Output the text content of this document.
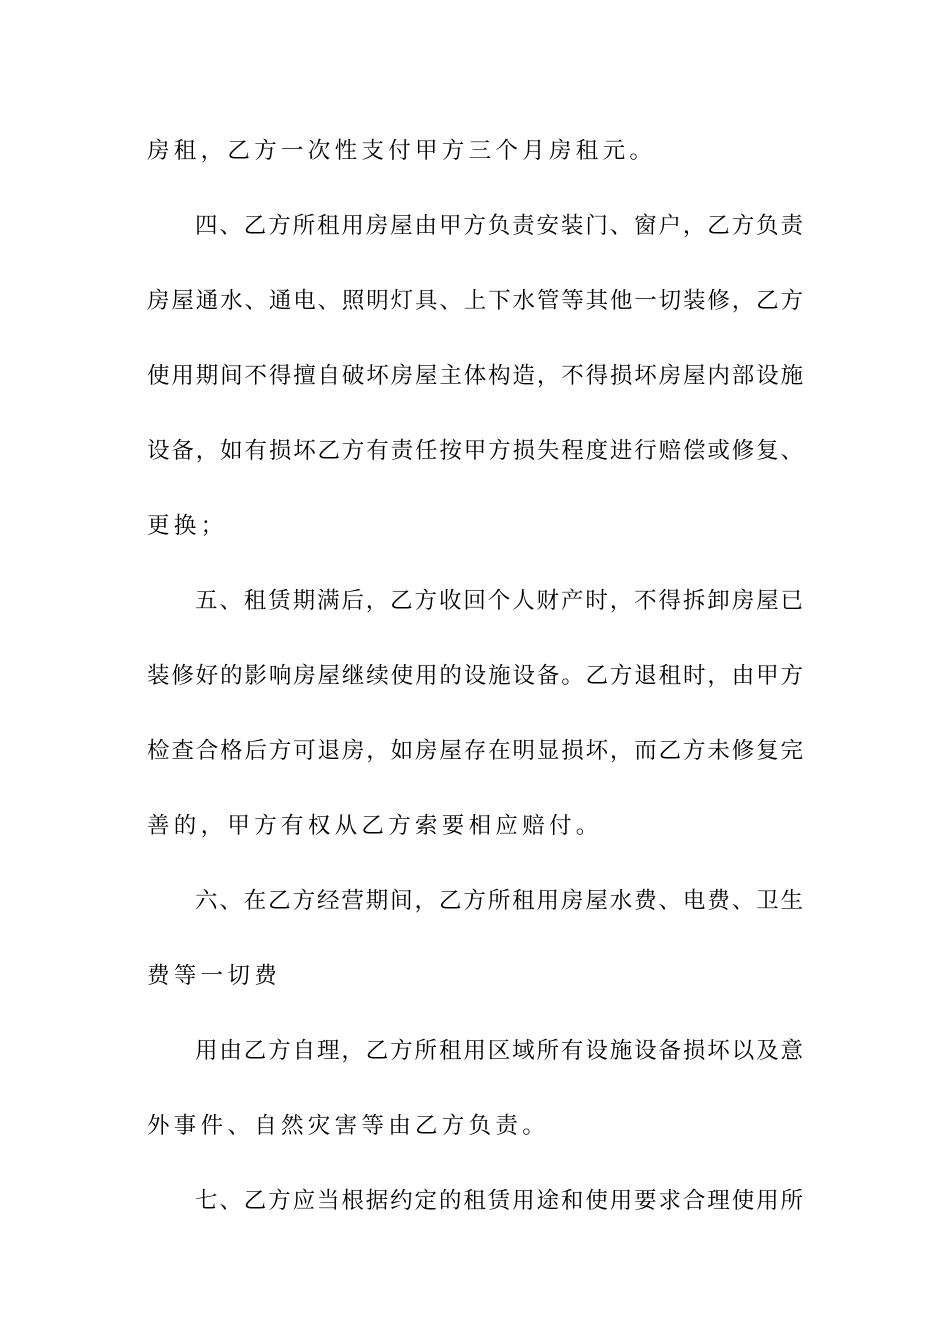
房租，乙方一次性支付甲方三个月房租元。

四、乙方所租用房屋由甲方负责安装门、窗户，乙方负责

房屋通水、通电、照明灯具、上下水管等其他一切装修，乙方

使用期间不得擅自破坏房屋主体构造，不得损坏房屋内部设施

设备，如有损坏乙方有责任按甲方损失程度进行赔偿或修复、

更换；

五、租赁期满后，乙方收回个人财产时，不得拆卸房屋已

装修好的影响房屋继续使用的设施设备。乙方退租时，由甲方

检查合格后方可退房，如房屋存在明显损坏，而乙方未修复完

善的，甲方有权从乙方索要相应赔付。

六、在乙方经营期间，乙方所租用房屋水费、电费、卫生

费等一切费

用由乙方自理，乙方所租用区域所有设施设备损坏以及意

外事件、自然灾害等由乙方负责。

七、乙方应当根据约定的租赁用途和使用要求合理使用所
